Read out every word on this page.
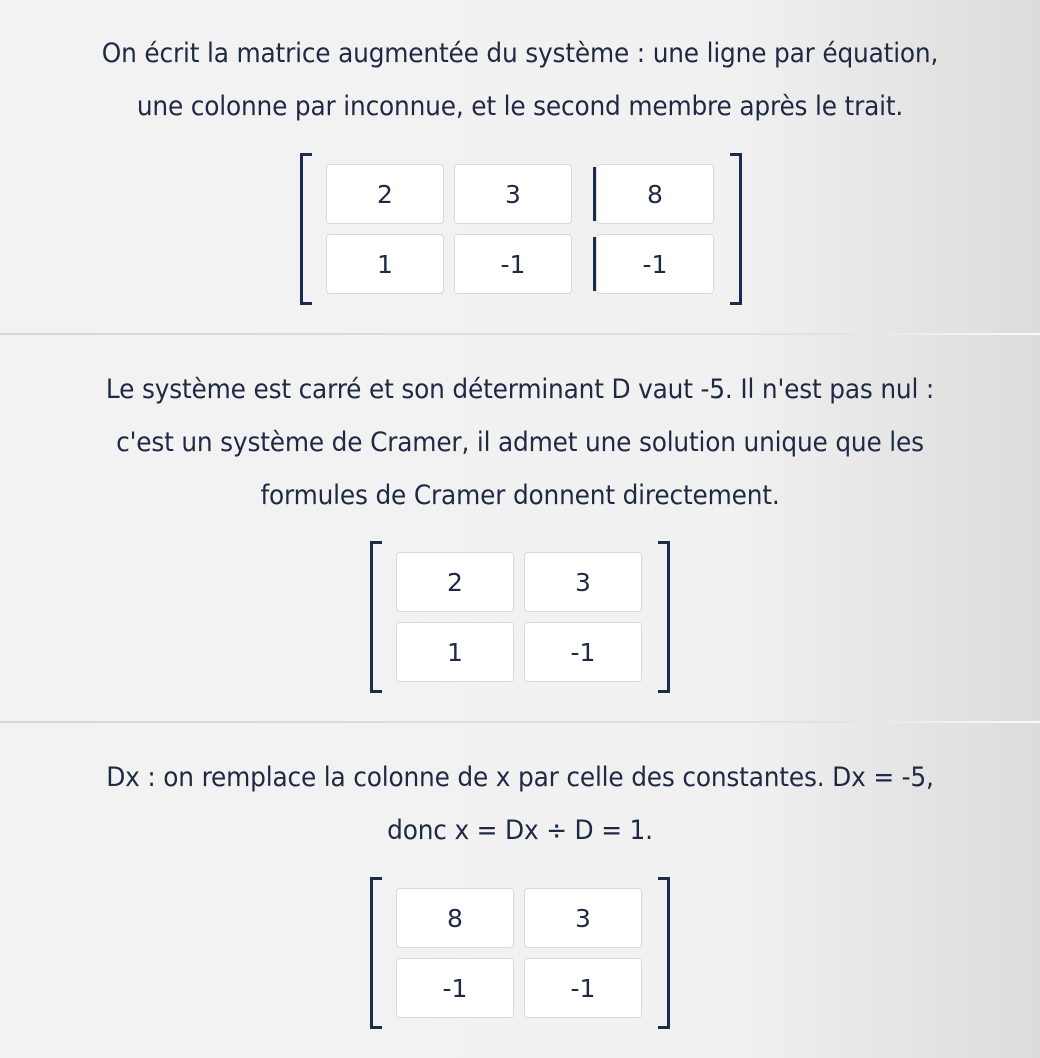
On écrit la matrice augmentée du système : une ligne par équation,
une colonne par inconnue, et le second membre après le trait.
2	3	8
1	-1	-1
Le système est carré et son déterminant D vaut -5. Il n'est pas nul :
c'est un système de Cramer, il admet une solution unique que les
formules de Cramer donnent directement.
2	3
1	-1
Dx : on remplace la colonne de x par celle des constantes. Dx = -5,
donc x = Dx ÷ D = 1.
8	3
-1	-1
